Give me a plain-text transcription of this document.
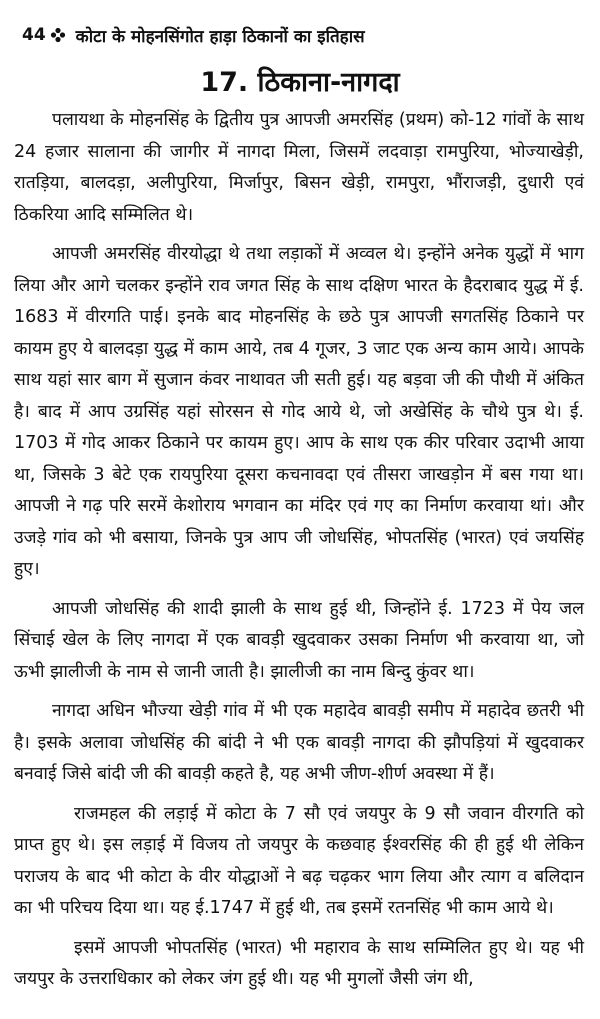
44 कोटा के मोहनसिंगोत हाड़ा ठिकानों का इतिहास
17. ठिकाना-नागदा

पलायथा के मोहनसिंह के द्वितीय पुत्र आपजी अमरसिंह (प्रथम) को-12 गांवों के साथ 24 हजार सालाना की जागीर में नागदा मिला, जिसमें लदवाड़ा रामपुरिया, भोज्याखेड़ी, रातड़िया, बालदड़ा, अलीपुरिया, मिर्जापुर, बिसन खेड़ी, रामपुरा, भौंराजड़ी, दुधारी एवं ठिकरिया आदि सम्मिलित थे।

आपजी अमरसिंह वीरयोद्धा थे तथा लड़ाकों में अव्वल थे। इन्होंने अनेक युद्धों में भाग लिया और आगे चलकर इन्होंने राव जगत सिंह के साथ दक्षिण भारत के हैदराबाद युद्ध में ई. 1683 में वीरगति पाई। इनके बाद मोहनसिंह के छठे पुत्र आपजी सगतसिंह ठिकाने पर कायम हुए ये बालदड़ा युद्ध में काम आये, तब 4 गूजर, 3 जाट एक अन्य काम आये। आपके साथ यहां सार बाग में सुजान कंवर नाथावत जी सती हुई। यह बड़वा जी की पौथी में अंकित है। बाद में आप उग्रसिंह यहां सोरसन से गोद आये थे, जो अखेसिंह के चौथे पुत्र थे। ई. 1703 में गोद आकर ठिकाने पर कायम हुए। आप के साथ एक कीर परिवार उदाभी आया था, जिसके 3 बेटे एक रायपुरिया दूसरा कचनावदा एवं तीसरा जाखड़ोन में बस गया था। आपजी ने गढ़ परि सरमें केशोराय भगवान का मंदिर एवं गए का निर्माण करवाया थां। और उजड़े गांव को भी बसाया, जिनके पुत्र आप जी जोधसिंह, भोपतसिंह (भारत) एवं जयसिंह हुए।

आपजी जोधसिंह की शादी झाली के साथ हुई थी, जिन्होंने ई. 1723 में पेय जल सिंचाई खेल के लिए नागदा में एक बावड़ी खुदवाकर उसका निर्माण भी करवाया था, जो ऊभी झालीजी के नाम से जानी जाती है। झालीजी का नाम बिन्दु कुंवर था।

नागदा अधिन भौज्या खेड़ी गांव में भी एक महादेव बावड़ी समीप में महादेव छतरी भी है। इसके अलावा जोधसिंह की बांदी ने भी एक बावड़ी नागदा की झौपड़ियां में खुदवाकर बनवाई जिसे बांदी जी की बावड़ी कहते है, यह अभी जीण-शीर्ण अवस्था में हैं।

राजमहल की लड़ाई में कोटा के 7 सौ एवं जयपुर के 9 सौ जवान वीरगति को प्राप्त हुए थे। इस लड़ाई में विजय तो जयपुर के कछवाह ईश्वरसिंह की ही हुई थी लेकिन पराजय के बाद भी कोटा के वीर योद्धाओं ने बढ़ चढ़कर भाग लिया और त्याग व बलिदान का भी परिचय दिया था। यह ई.1747 में हुई थी, तब इसमें रतनसिंह भी काम आये थे।

इसमें आपजी भोपतसिंह (भारत) भी महाराव के साथ सम्मिलित हुए थे। यह भी जयपुर के उत्तराधिकार को लेकर जंग हुई थी। यह भी मुगलों जैसी जंग थी,
